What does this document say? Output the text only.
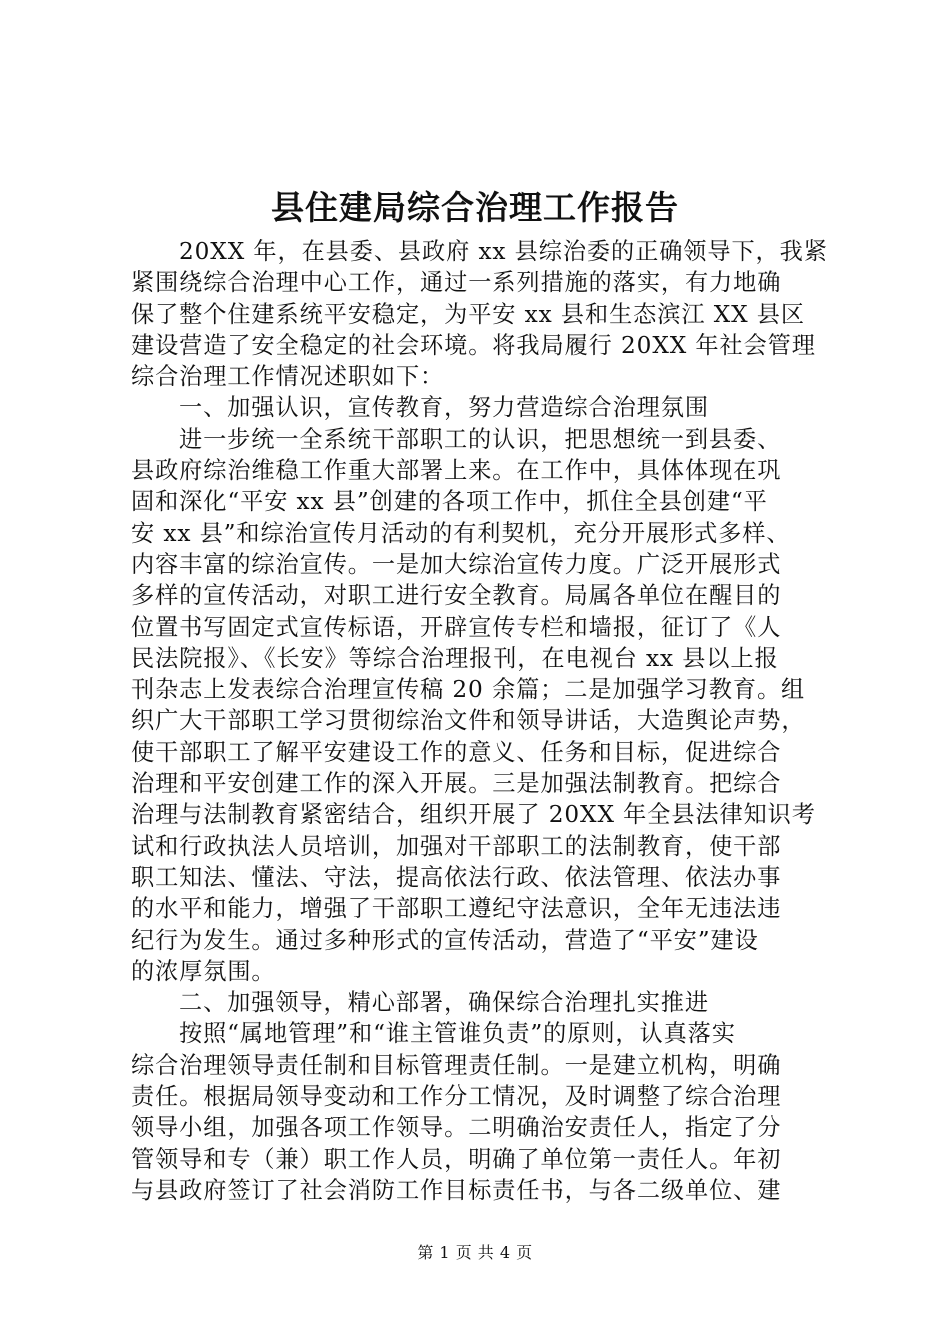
县住建局综合治理工作报告
20XX 年，在县委、县政府 xx 县综治委的正确领导下，我紧
紧围绕综合治理中心工作，通过一系列措施的落实，有力地确
保了整个住建系统平安稳定，为平安 xx 县和生态滨江 XX 县区
建设营造了安全稳定的社会环境。将我局履行 20XX 年社会管理
综合治理工作情况述职如下：
一、加强认识，宣传教育，努力营造综合治理氛围
进一步统一全系统干部职工的认识，把思想统一到县委、
县政府综治维稳工作重大部署上来。在工作中，具体体现在巩
固和深化“平安 xx 县”创建的各项工作中，抓住全县创建“平
安 xx 县”和综治宣传月活动的有利契机，充分开展形式多样、
内容丰富的综治宣传。一是加大综治宣传力度。广泛开展形式
多样的宣传活动，对职工进行安全教育。局属各单位在醒目的
位置书写固定式宣传标语，开辟宣传专栏和墙报，征订了《人
民法院报》、《长安》等综合治理报刊，在电视台 xx 县以上报
刊杂志上发表综合治理宣传稿 20 余篇；二是加强学习教育。组
织广大干部职工学习贯彻综治文件和领导讲话，大造舆论声势，
使干部职工了解平安建设工作的意义、任务和目标，促进综合
治理和平安创建工作的深入开展。三是加强法制教育。把综合
治理与法制教育紧密结合，组织开展了 20XX 年全县法律知识考
试和行政执法人员培训，加强对干部职工的法制教育，使干部
职工知法、懂法、守法，提高依法行政、依法管理、依法办事
的水平和能力，增强了干部职工遵纪守法意识，全年无违法违
纪行为发生。通过多种形式的宣传活动，营造了“平安”建设
的浓厚氛围。
二、加强领导，精心部署，确保综合治理扎实推进
按照“属地管理”和“谁主管谁负责”的原则，认真落实
综合治理领导责任制和目标管理责任制。一是建立机构，明确
责任。根据局领导变动和工作分工情况，及时调整了综合治理
领导小组，加强各项工作领导。二明确治安责任人，指定了分
管领导和专（兼）职工作人员，明确了单位第一责任人。年初
与县政府签订了社会消防工作目标责任书，与各二级单位、建
第 1 页 共 4 页
